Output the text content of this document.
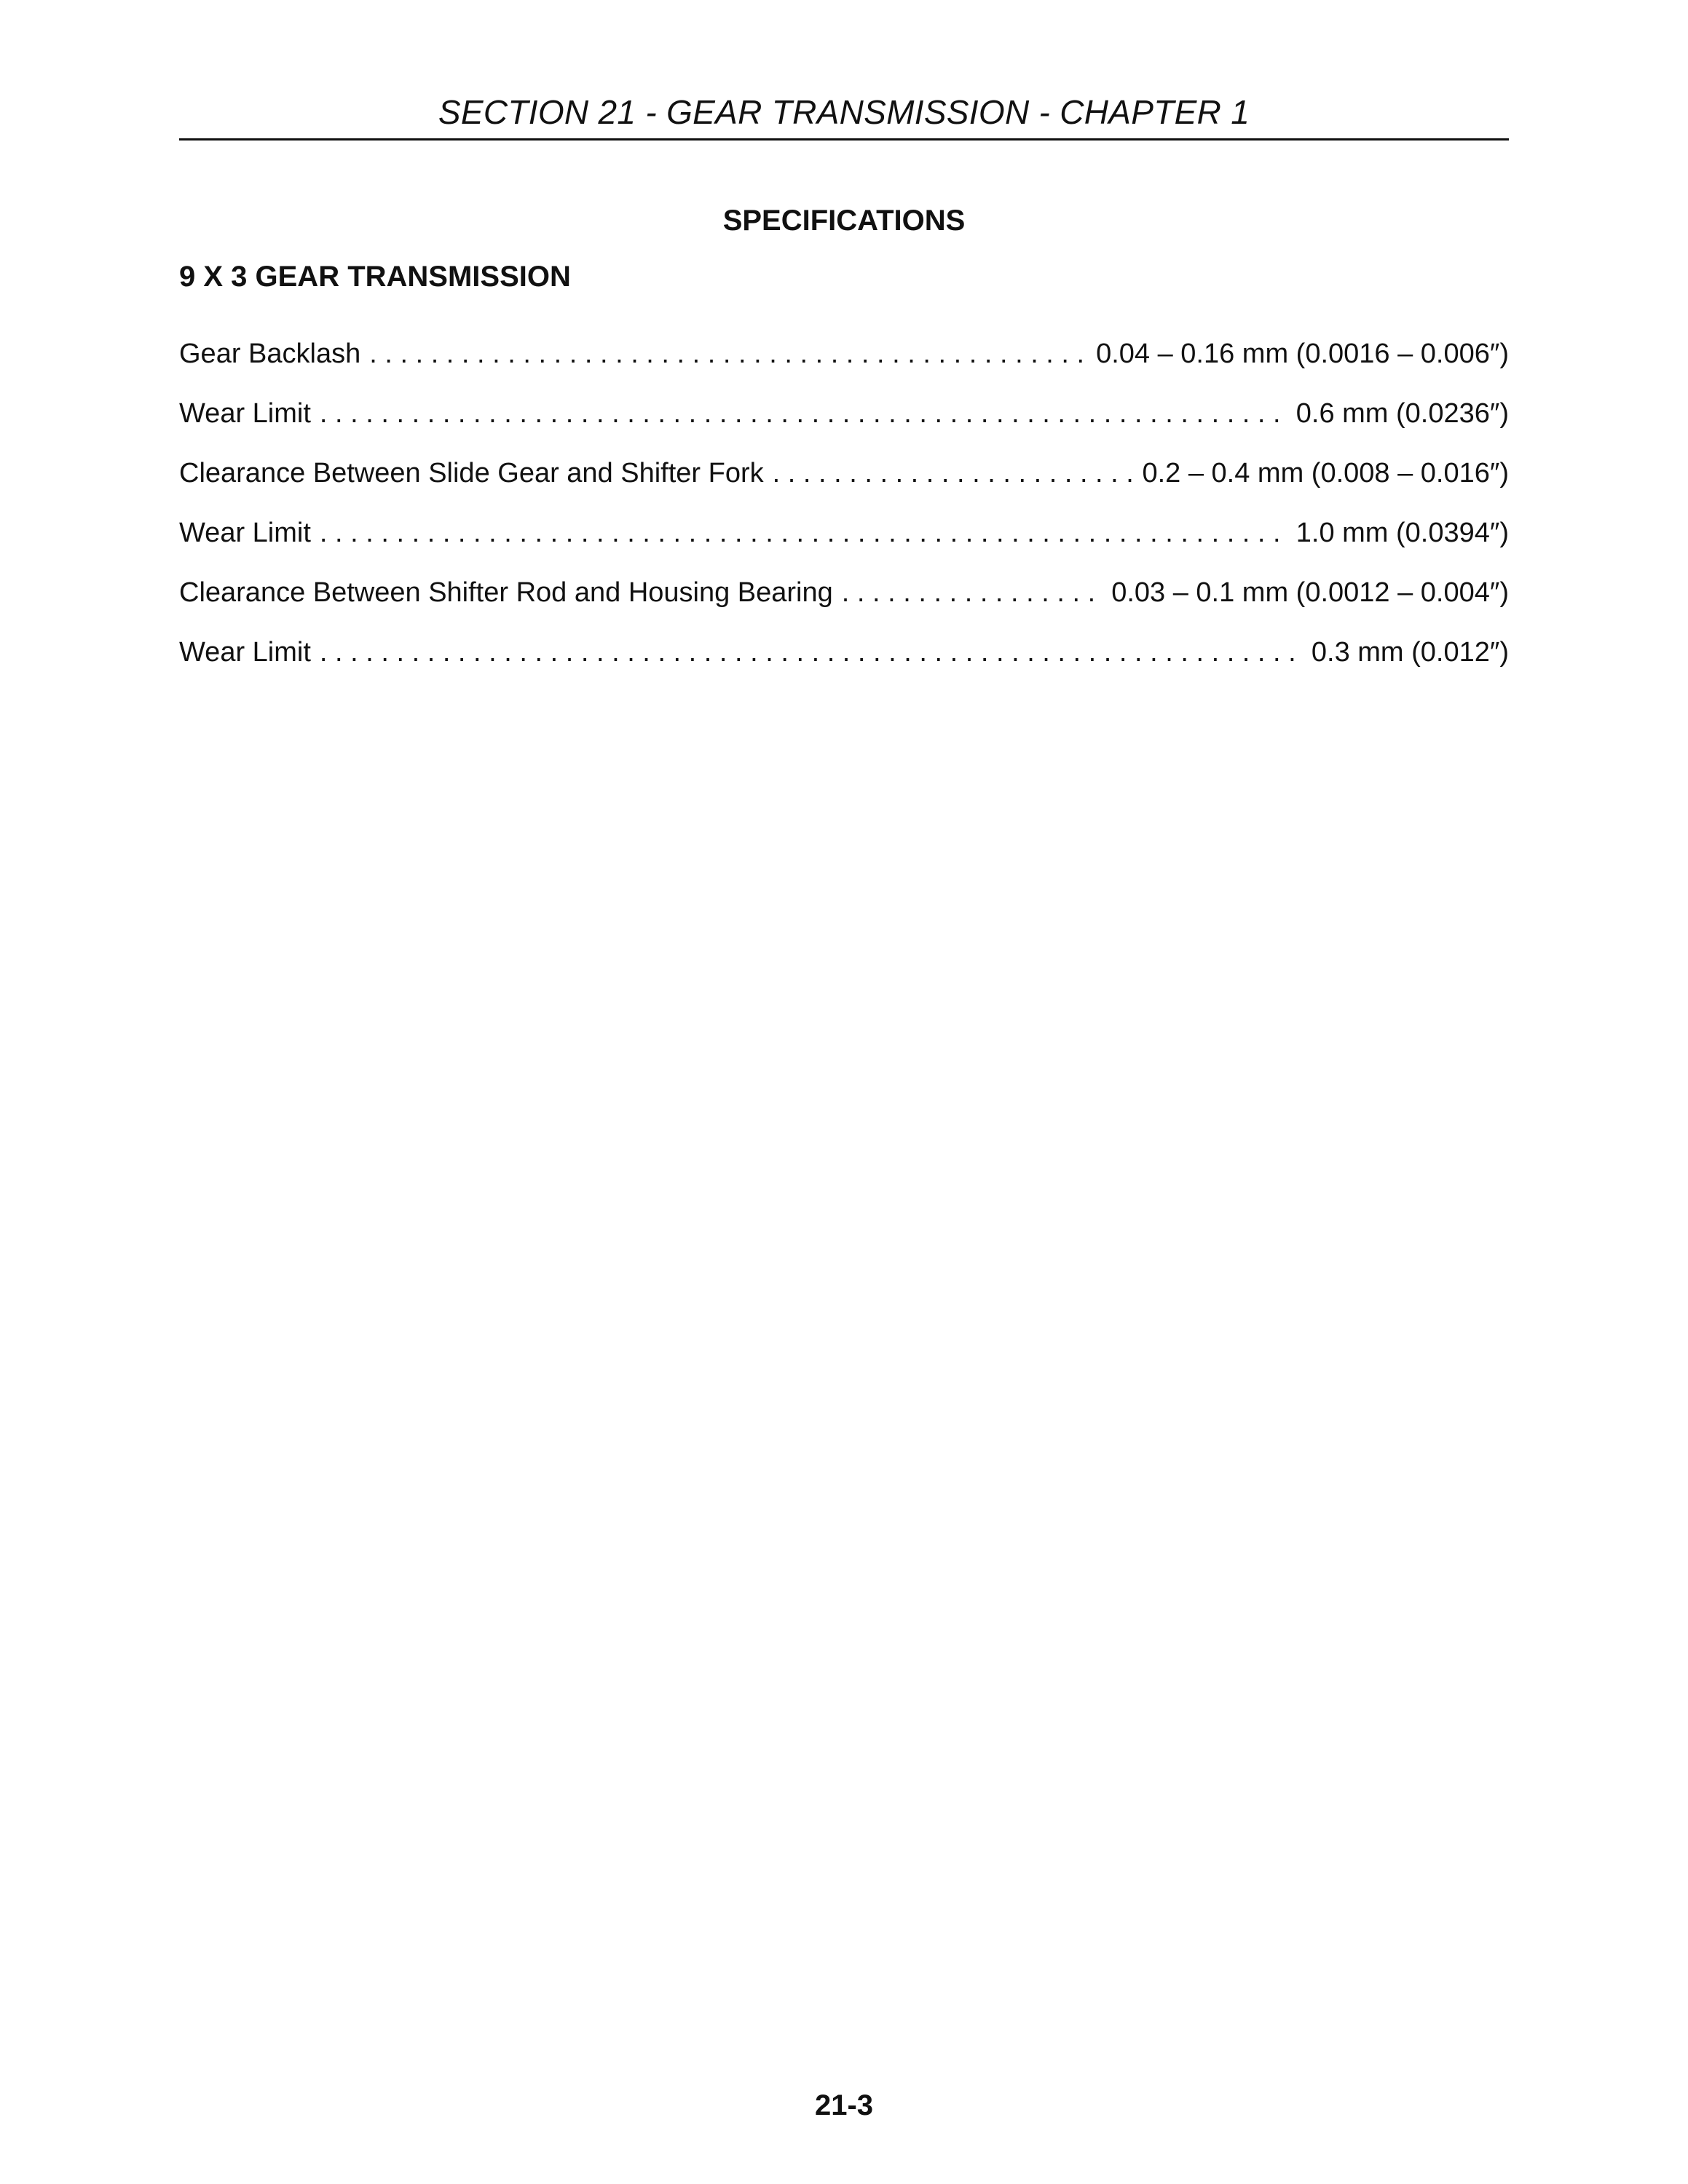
SECTION 21 - GEAR TRANSMISSION - CHAPTER 1
SPECIFICATIONS
9 X 3 GEAR TRANSMISSION
Gear Backlash . . .	0.04 – 0.16 mm (0.0016 – 0.006″)
Wear Limit . . .	0.6 mm (0.0236″)
Clearance Between Slide Gear and Shifter Fork . . .	0.2 – 0.4 mm (0.008 – 0.016″)
Wear Limit . . .	1.0 mm (0.0394″)
Clearance Between Shifter Rod and Housing Bearing . . .	0.03 – 0.1 mm (0.0012 – 0.004″)
Wear Limit . . .	0.3 mm (0.012″)
21-3
